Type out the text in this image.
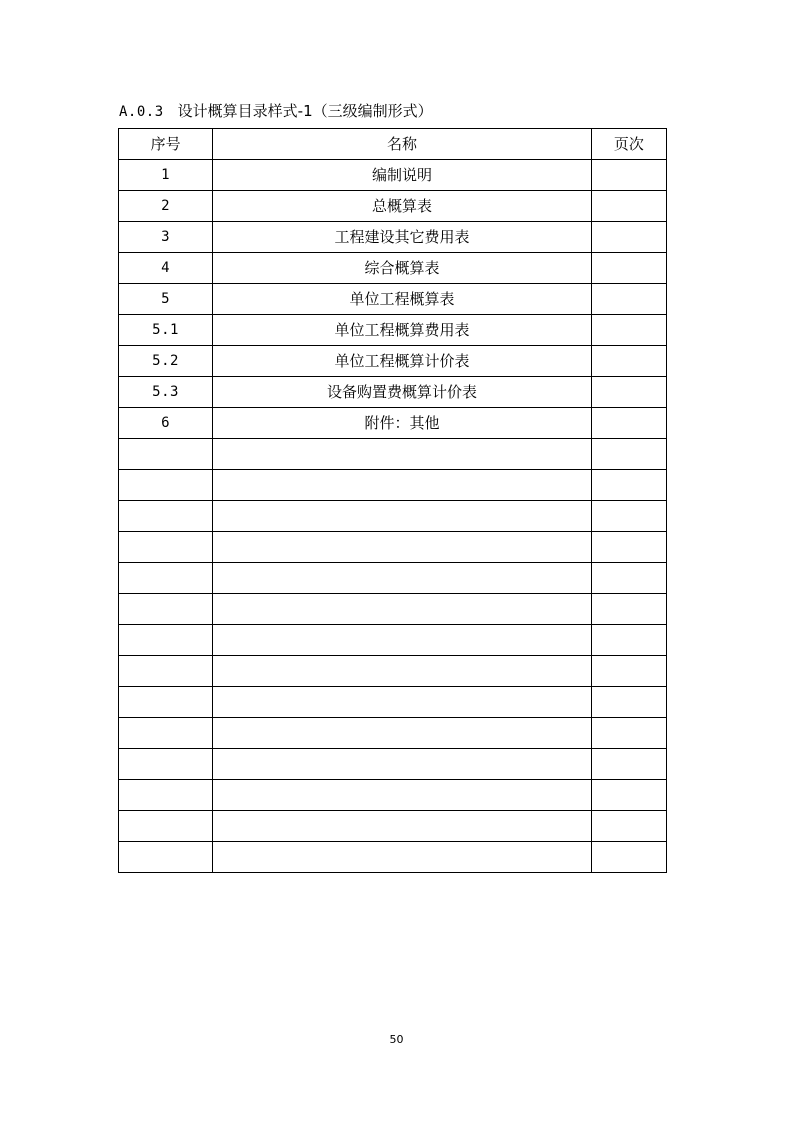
A.0.3 设计概算目录样式-1（三级编制形式）
序号	名称	页次
1	编制说明	
2	总概算表	
3	工程建设其它费用表	
4	综合概算表	
5	单位工程概算表	
5.1	单位工程概算费用表	
5.2	单位工程概算计价表	
5.3	设备购置费概算计价表	
6	附件：其他	

50
